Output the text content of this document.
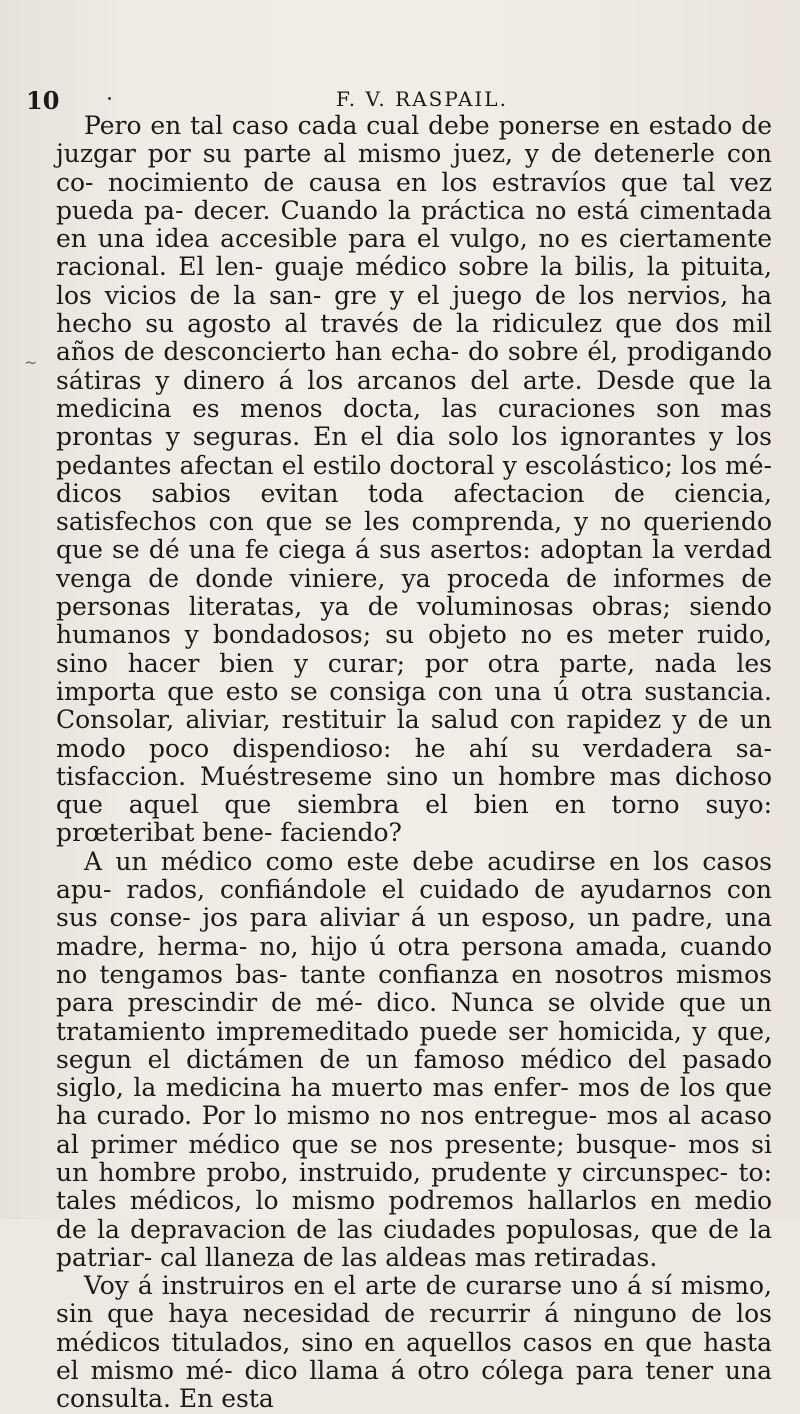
10	F. V. RASPAIL.
~

Pero en tal caso cada cual debe ponerse en estado de juzgar por su parte al mismo juez, y de detenerle con co- nocimiento de causa en los estravíos que tal vez pueda pa- decer. Cuando la práctica no está cimentada en una idea accesible para el vulgo, no es ciertamente racional. El len- guaje médico sobre la bilis, la pituita, los vicios de la san- gre y el juego de los nervios, ha hecho su agosto al través de la ridiculez que dos mil años de desconcierto han echa- do sobre él, prodigando sátiras y dinero á los arcanos del arte. Desde que la medicina es menos docta, las curaciones son mas prontas y seguras. En el dia solo los ignorantes y los pedantes afectan el estilo doctoral y escolástico; los mé- dicos sabios evitan toda afectacion de ciencia, satisfechos con que se les comprenda, y no queriendo que se dé una fe ciega á sus asertos: adoptan la verdad venga de donde viniere, ya proceda de informes de personas literatas, ya de voluminosas obras; siendo humanos y bondadosos; su objeto no es meter ruido, sino hacer bien y curar; por otra parte, nada les importa que esto se consiga con una ú otra sustancia. Consolar, aliviar, restituir la salud con rapidez y de un modo poco dispendioso: he ahí su verdadera sa- tisfaccion. Muéstreseme sino un hombre mas dichoso que aquel que siembra el bien en torno suyo: prœteribat bene- faciendo?

A un médico como este debe acudirse en los casos apu- rados, confiándole el cuidado de ayudarnos con sus conse- jos para aliviar á un esposo, un padre, una madre, herma- no, hijo ú otra persona amada, cuando no tengamos bas- tante confianza en nosotros mismos para prescindir de mé- dico. Nunca se olvide que un tratamiento impremeditado puede ser homicida, y que, segun el dictámen de un famoso médico del pasado siglo, la medicina ha muerto mas enfer- mos de los que ha curado. Por lo mismo no nos entregue- mos al acaso al primer médico que se nos presente; busque- mos si un hombre probo, instruido, prudente y circunspec- to: tales médicos, lo mismo podremos hallarlos en medio de la depravacion de las ciudades populosas, que de la patriar- cal llaneza de las aldeas mas retiradas.

Voy á instruiros en el arte de curarse uno á sí mismo, sin que haya necesidad de recurrir á ninguno de los médicos titulados, sino en aquellos casos en que hasta el mismo mé- dico llama á otro cólega para tener una consulta. En esta
